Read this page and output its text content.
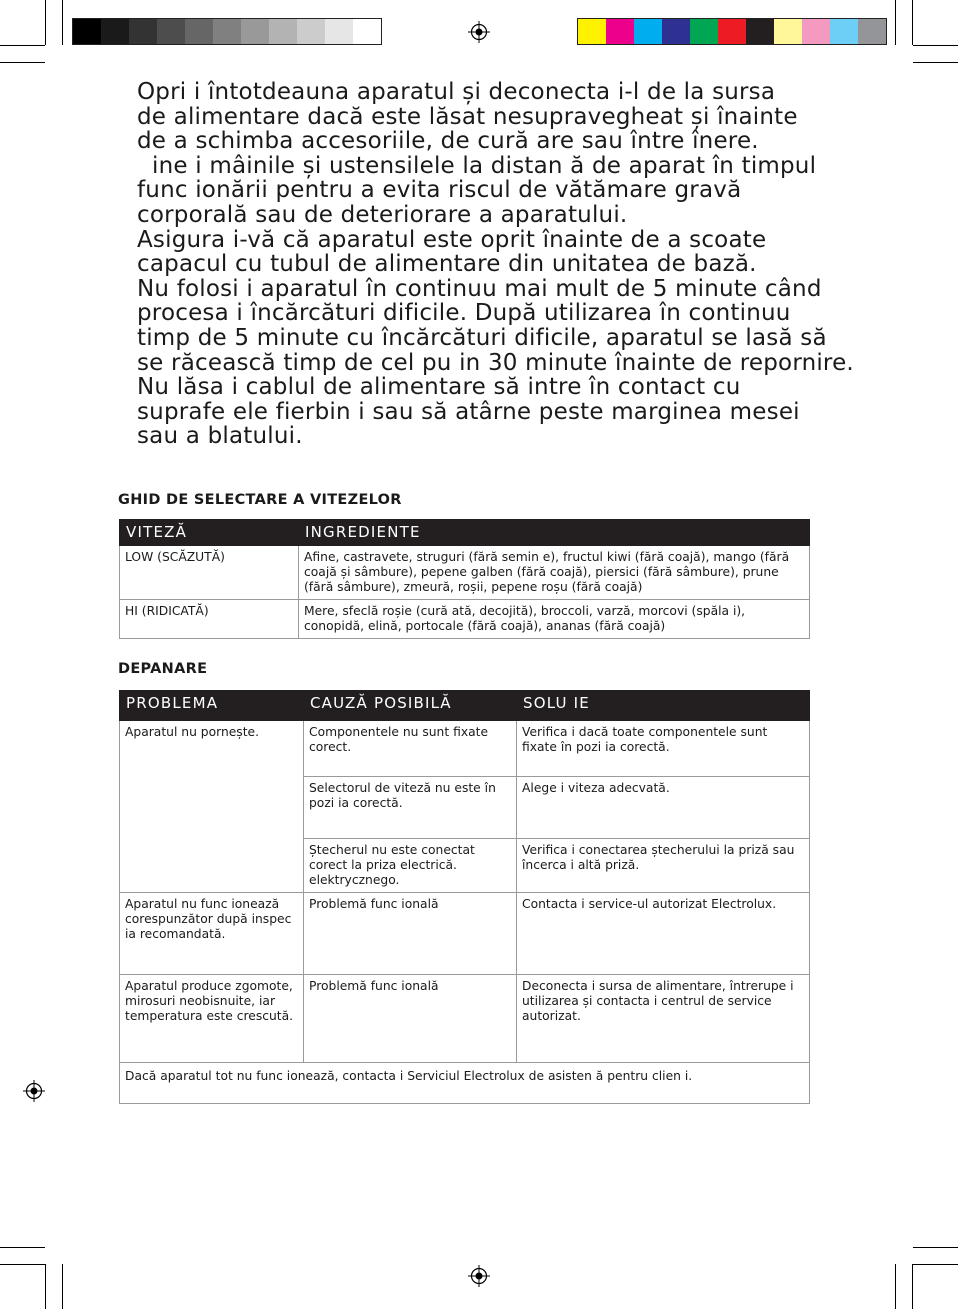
Opri i întotdeauna aparatul și deconecta i-l de la sursa

de alimentare dacă este lăsat nesupravegheat și înainte

de a schimba accesoriile, de cură are sau între înere.

ine i mâinile și ustensilele la distan ă de aparat în timpul

func ionării pentru a evita riscul de vătămare gravă

corporală sau de deteriorare a aparatului.

Asigura i-vă că aparatul este oprit înainte de a scoate

capacul cu tubul de alimentare din unitatea de bază.

Nu folosi i aparatul în continuu mai mult de 5 minute când

procesa i încărcături dificile. După utilizarea în continuu

timp de 5 minute cu încărcături dificile, aparatul se lasă să

se răcească timp de cel pu in 30 minute înainte de repornire.

Nu lăsa i cablul de alimentare să intre în contact cu

suprafe ele fierbin i sau să atârne peste marginea mesei

sau a blatului.

GHID DE SELECTARE A VITEZELOR
VITEZĂ	INGREDIENTE
LOW (SCĂZUTĂ)	Afine, castravete, struguri (fără semin e), fructul kiwi (fără coajă), mango (fără coajă și sâmbure), pepene galben (fără coajă), piersici (fără sâmbure), prune (fără sâmbure), zmeură, roșii, pepene roșu (fără coajă)
HI (RIDICATĂ)	Mere, sfeclă roșie (cură ată, decojită), broccoli, varză, morcovi (spăla i), conopidă, elină, portocale (fără coajă), ananas (fără coajă)
DEPANARE
PROBLEMA	CAUZĂ POSIBILĂ	SOLU IE
Aparatul nu pornește.	Componentele nu sunt fixate corect.	Verifica i dacă toate componentele sunt fixate în pozi ia corectă.
	Selectorul de viteză nu este în pozi ia corectă.	Alege i viteza adecvată.
	Ștecherul nu este conectat corect la priza electrică. elektrycznego.	Verifica i conectarea ștecherului la priză sau încerca i altă priză.
Aparatul nu func ionează corespunzător după inspec ia recomandată.	Problemă func ională	Contacta i service-ul autorizat Electrolux.
Aparatul produce zgomote, mirosuri neobisnuite, iar temperatura este crescută.	Problemă func ională	Deconecta i sursa de alimentare, întrerupe i utilizarea și contacta i centrul de service autorizat.
Dacă aparatul tot nu func ionează, contacta i Serviciul Electrolux de asisten ă pentru clien i.		
